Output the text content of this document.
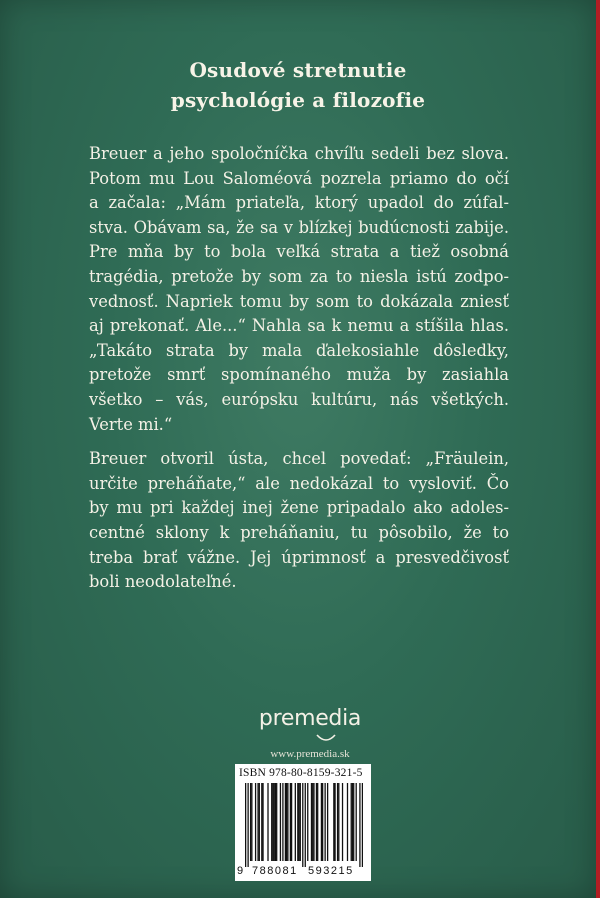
Osudové stretnutie
psychológie a filozofie
Breuer a jeho spoločníčka chvíľu sedeli bez slova.
Potom mu Lou Saloméová pozrela priamo do očí
a začala: „Mám priateľa, ktorý upadol do zúfal-
stva. Obávam sa, že sa v blízkej budúcnosti zabije.
Pre mňa by to bola veľká strata a tiež osobná
tragédia, pretože by som za to niesla istú zodpo-
vednosť. Napriek tomu by som to dokázala zniesť
aj prekonať. Ale...“ Nahla sa k nemu a stíšila hlas.
„Takáto strata by mala ďalekosiahle dôsledky,
pretože smrť spomínaného muža by zasiahla
všetko – vás, európsku kultúru, nás všetkých.
Verte mi.“
Breuer otvoril ústa, chcel povedať: „Fräulein,
určite preháňate,“ ale nedokázal to vysloviť. Čo
by mu pri každej inej žene pripadalo ako adoles-
centné sklony k preháňaniu, tu pôsobilo, že to
treba brať vážne. Jej úprimnosť a presvedčivosť
boli neodolateľné.
premedia
www.premedia.sk
ISBN 978-80-8159-321-5
9 788081 593215
